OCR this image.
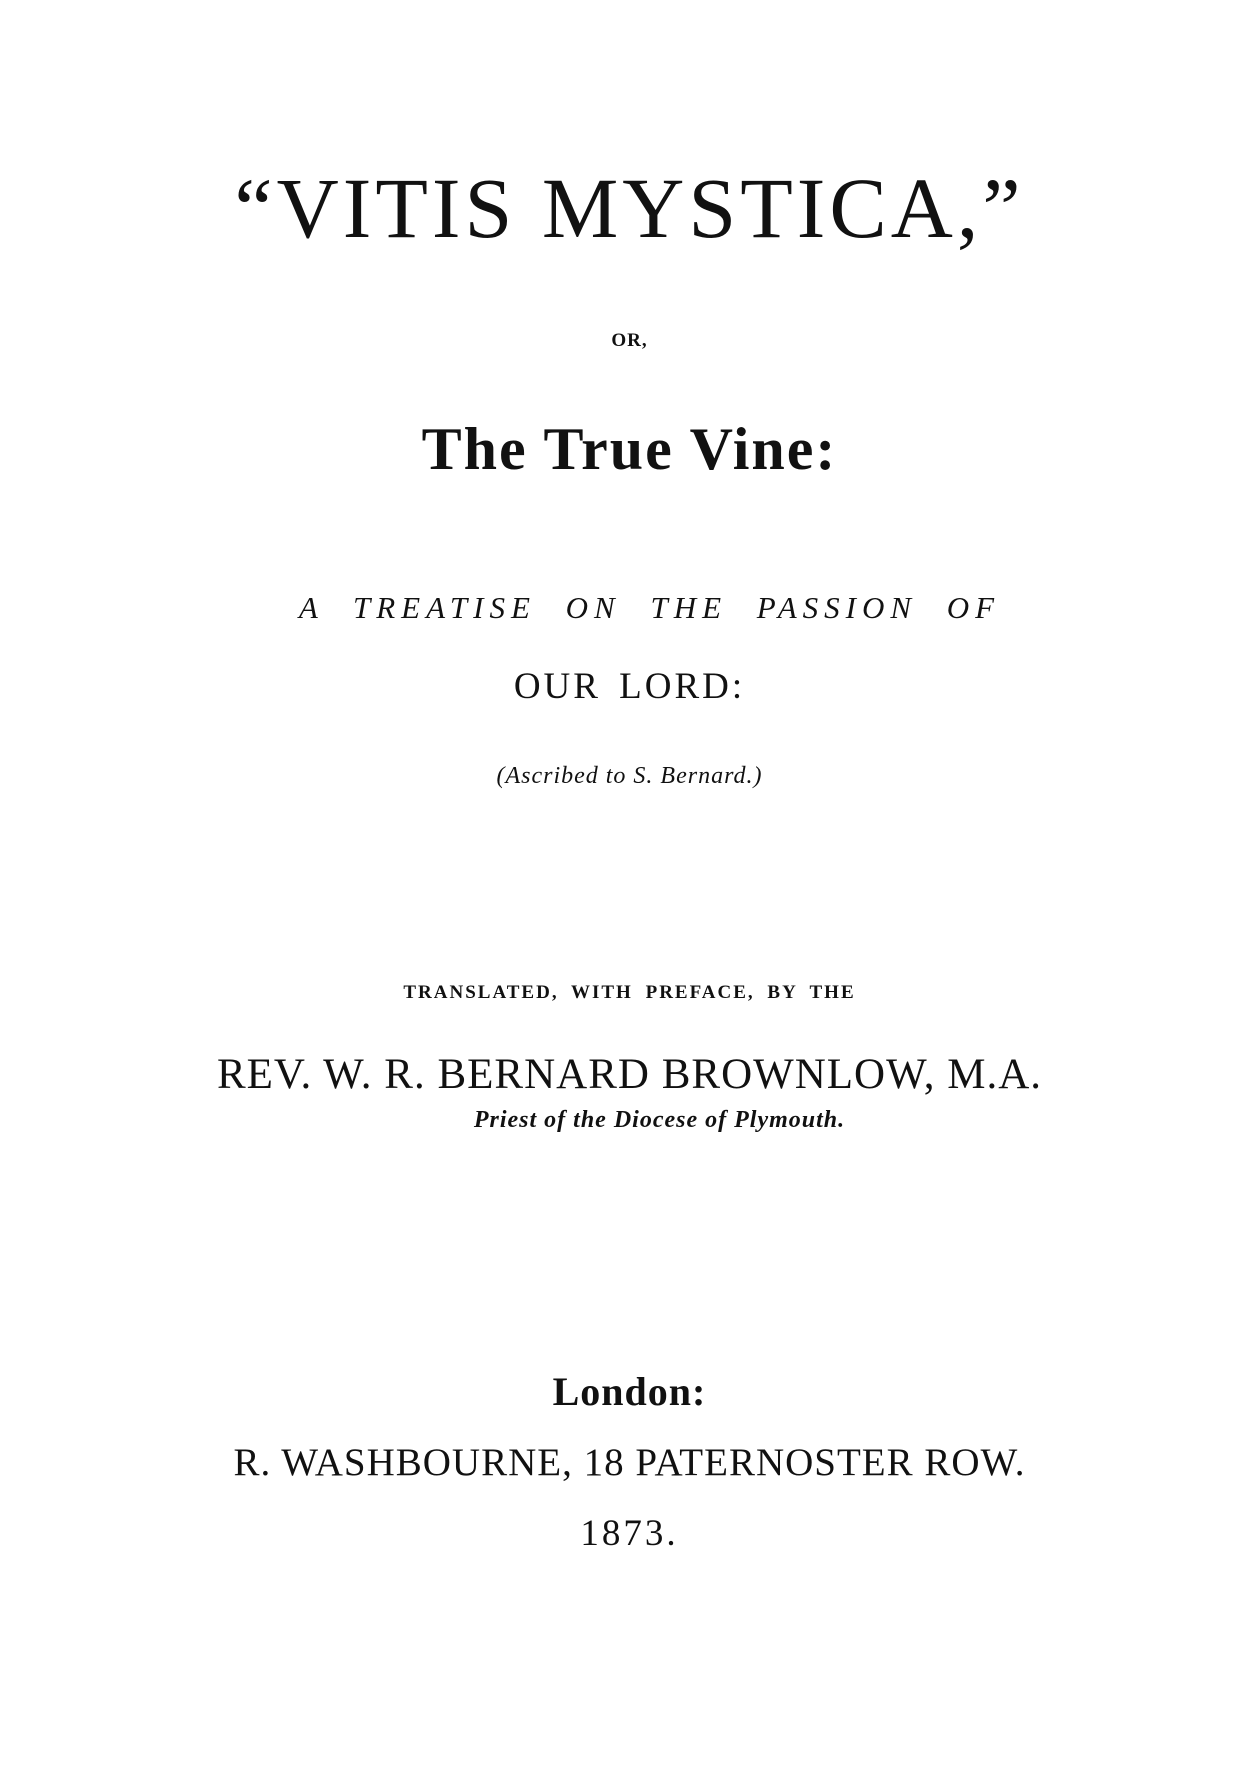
“VITIS MYSTICA,”
OR,
The True Vine:
A TREATISE ON THE PASSION OF
OUR LORD:
(Ascribed to S. Bernard.)
TRANSLATED, WITH PREFACE, BY THE
REV. W. R. BERNARD BROWNLOW, M.A.
Priest of the Diocese of Plymouth.
London:
R. WASHBOURNE, 18 PATERNOSTER ROW.
1873.
